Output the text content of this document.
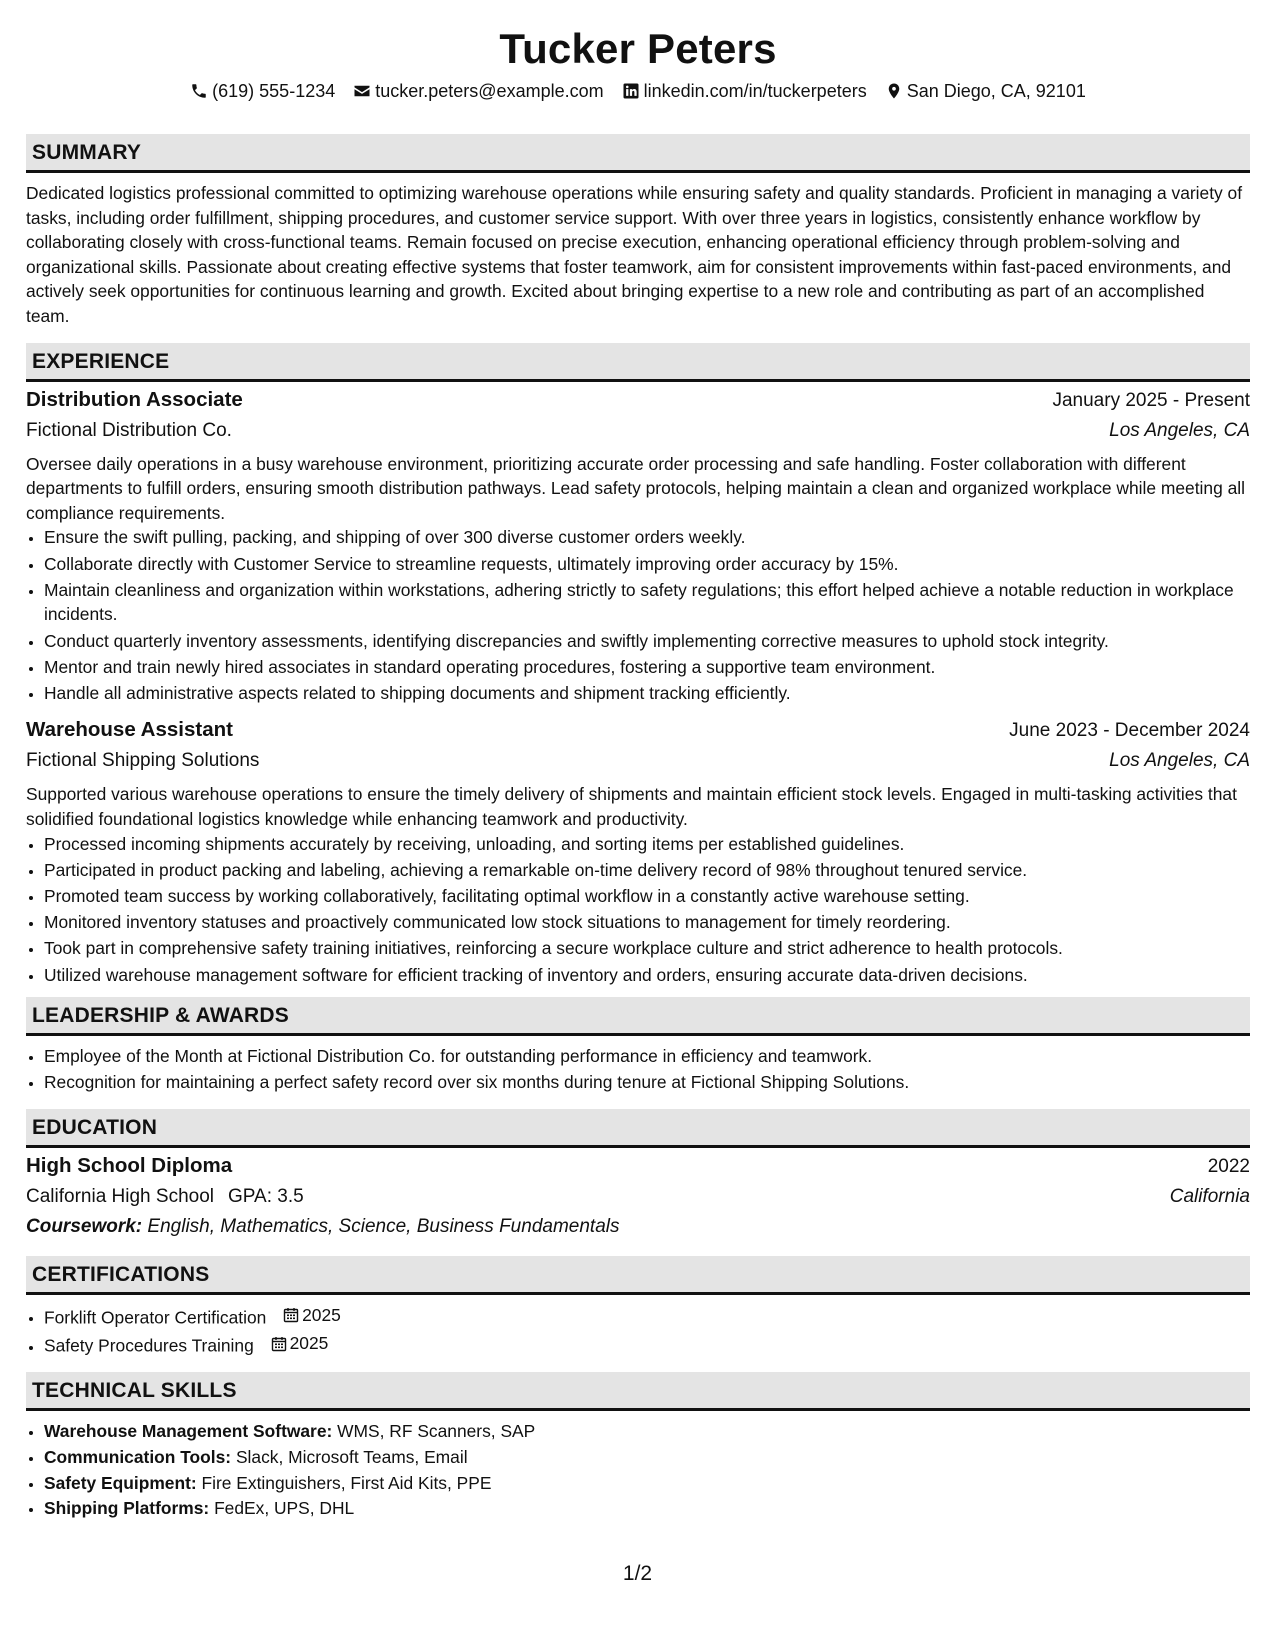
Tucker Peters
(619) 555-1234 tucker.peters@example.com linkedin.com/in/tuckerpeters San Diego, CA, 92101
SUMMARY

Dedicated logistics professional committed to optimizing warehouse operations while ensuring safety and quality standards. Proficient in managing a variety of tasks, including order fulfillment, shipping procedures, and customer service support. With over three years in logistics, consistently enhance workflow by collaborating closely with cross-functional teams. Remain focused on precise execution, enhancing operational efficiency through problem-solving and organizational skills. Passionate about creating effective systems that foster teamwork, aim for consistent improvements within fast-paced environments, and actively seek opportunities for continuous learning and growth. Excited about bringing expertise to a new role and contributing as part of an accomplished team.

EXPERIENCE
Distribution Associate	January 2025 - Present
Fictional Distribution Co.	Los Angeles, CA

Oversee daily operations in a busy warehouse environment, prioritizing accurate order processing and safe handling. Foster collaboration with different departments to fulfill orders, ensuring smooth distribution pathways. Lead safety protocols, helping maintain a clean and organized workplace while meeting all compliance requirements.

• Ensure the swift pulling, packing, and shipping of over 300 diverse customer orders weekly.
• Collaborate directly with Customer Service to streamline requests, ultimately improving order accuracy by 15%.
• Maintain cleanliness and organization within workstations, adhering strictly to safety regulations; this effort helped achieve a notable reduction in workplace incidents.
• Conduct quarterly inventory assessments, identifying discrepancies and swiftly implementing corrective measures to uphold stock integrity.
• Mentor and train newly hired associates in standard operating procedures, fostering a supportive team environment.
• Handle all administrative aspects related to shipping documents and shipment tracking efficiently.
Warehouse Assistant	June 2023 - December 2024
Fictional Shipping Solutions	Los Angeles, CA

Supported various warehouse operations to ensure the timely delivery of shipments and maintain efficient stock levels. Engaged in multi-tasking activities that solidified foundational logistics knowledge while enhancing teamwork and productivity.

• Processed incoming shipments accurately by receiving, unloading, and sorting items per established guidelines.
• Participated in product packing and labeling, achieving a remarkable on-time delivery record of 98% throughout tenured service.
• Promoted team success by working collaboratively, facilitating optimal workflow in a constantly active warehouse setting.
• Monitored inventory statuses and proactively communicated low stock situations to management for timely reordering.
• Took part in comprehensive safety training initiatives, reinforcing a secure workplace culture and strict adherence to health protocols.
• Utilized warehouse management software for efficient tracking of inventory and orders, ensuring accurate data-driven decisions.
LEADERSHIP & AWARDS
• Employee of the Month at Fictional Distribution Co. for outstanding performance in efficiency and teamwork.
• Recognition for maintaining a perfect safety record over six months during tenure at Fictional Shipping Solutions.
EDUCATION
High School Diploma	2022
California High School GPA: 3.5	California
Coursework: English, Mathematics, Science, Business Fundamentals
CERTIFICATIONS
• Forklift Operator Certification 2025
• Safety Procedures Training 2025
TECHNICAL SKILLS
• Warehouse Management Software: WMS, RF Scanners, SAP
• Communication Tools: Slack, Microsoft Teams, Email
• Safety Equipment: Fire Extinguishers, First Aid Kits, PPE
• Shipping Platforms: FedEx, UPS, DHL
1/2
